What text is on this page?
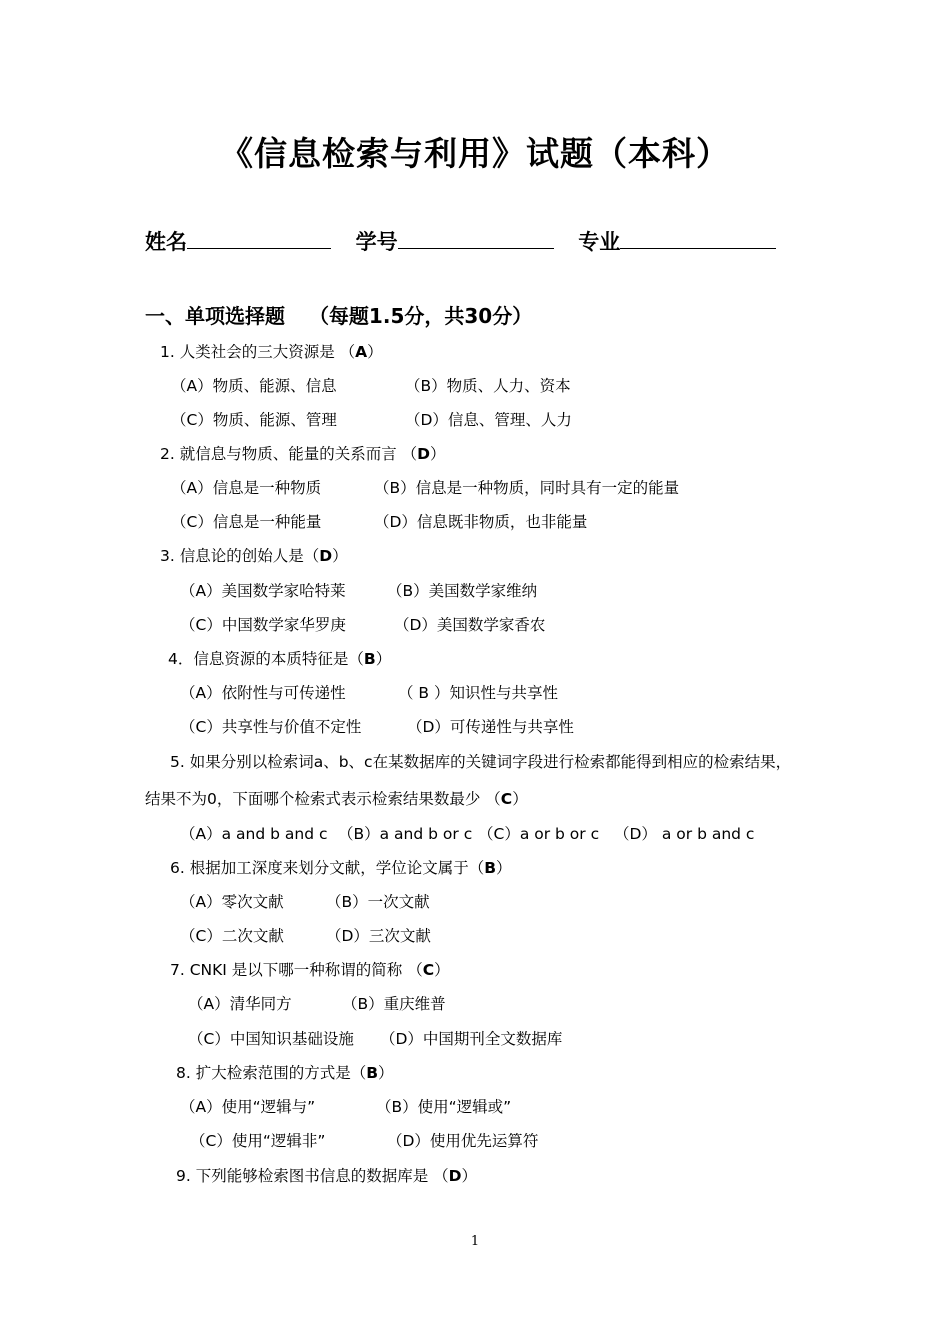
《信息检索与利用》试题（本科）
姓名	学号	专业
一、单项选择题 （每题1.5分，共30分）
1. 人类社会的三大资源是 （A）
（A）物质、能源、信息	（B）物质、人力、资本
（C）物质、能源、管理	（D）信息、管理、人力
2. 就信息与物质、能量的关系而言 （D）
（A）信息是一种物质	（B）信息是一种物质，同时具有一定的能量
（C）信息是一种能量	（D）信息既非物质，也非能量
3. 信息论的创始人是（D）
（A）美国数学家哈特莱	（B）美国数学家维纳
（C）中国数学家华罗庚	（D）美国数学家香农
4．信息资源的本质特征是（B）
（A）依附性与可传递性	（ B ）知识性与共享性
（C）共享性与价值不定性	（D）可传递性与共享性
5. 如果分别以检索词a、b、c在某数据库的关键词字段进行检索都能得到相应的检索结果，
结果不为0，下面哪个检索式表示检索结果数最少 （C）
（A）a and b and c （B）a and b or c （C）a or b or c （D） a or b and c
6. 根据加工深度来划分文献，学位论文属于（B）
（A）零次文献	（B）一次文献
（C）二次文献	（D）三次文献
7. CNKI 是以下哪一种称谓的简称 （C）
（A）清华同方	（B）重庆维普
（C）中国知识基础设施 （D）中国期刊全文数据库
8. 扩大检索范围的方式是（B）
（A）使用“逻辑与”	（B）使用“逻辑或”
（C）使用“逻辑非”	（D）使用优先运算符
9. 下列能够检索图书信息的数据库是 （D）
1
